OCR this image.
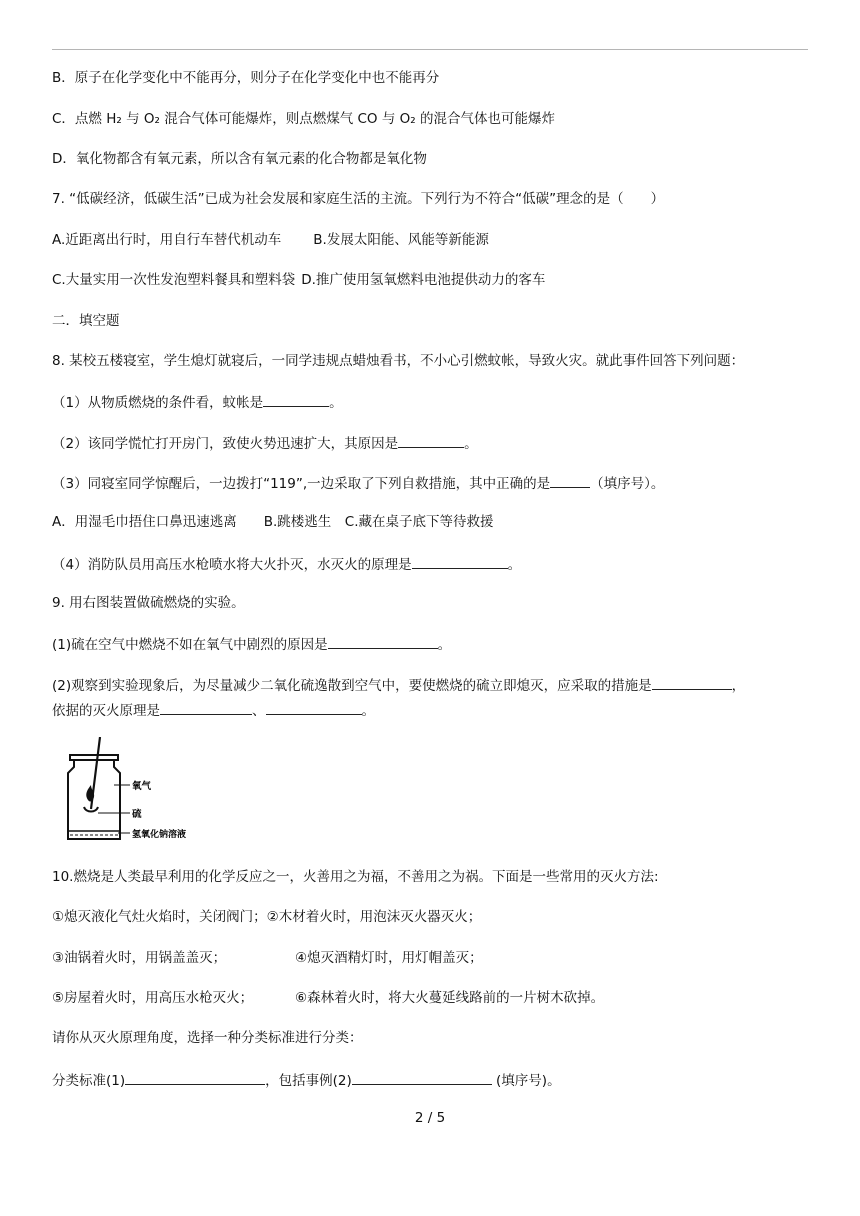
B．原子在化学变化中不能再分，则分子在化学变化中也不能再分
C．点燃 H₂ 与 O₂ 混合气体可能爆炸，则点燃煤气 CO 与 O₂ 的混合气体也可能爆炸
D．氧化物都含有氧元素，所以含有氧元素的化合物都是氧化物
7. “低碳经济，低碳生活”已成为社会发展和家庭生活的主流。下列行为不符合“低碳”理念的是（　　）
A.近距离出行时，用自行车替代机动车 B.发展太阳能、风能等新能源
C.大量实用一次性发泡塑料餐具和塑料袋 D.推广使用氢氧燃料电池提供动力的客车
二．填空题
8. 某校五楼寝室，学生熄灯就寝后，一同学违规点蜡烛看书，不小心引燃蚊帐，导致火灾。就此事件回答下列问题：
（1）从物质燃烧的条件看，蚊帐是	。
（2）该同学慌忙打开房门，致使火势迅速扩大，其原因是	。
（3）同寝室同学惊醒后，一边拨打“119”,一边采取了下列自救措施，其中正确的是	（填序号）。
A．用湿毛巾捂住口鼻迅速逃离　　B.跳楼逃生　C.藏在桌子底下等待救援
（4）消防队员用高压水枪喷水将大火扑灭，水灭火的原理是	。
9. 用右图装置做硫燃烧的实验。
(1)硫在空气中燃烧不如在氧气中剧烈的原因是	。
(2)观察到实验现象后，为尽量减少二氧化硫逸散到空气中，要使燃烧的硫立即熄灭，应采取的措施是	，
依据的灭火原理是	、	。
氧气
硫
氢氧化钠溶液
10.燃烧是人类最早利用的化学反应之一，火善用之为福，不善用之为祸。下面是一些常用的灭火方法:
①熄灭液化气灶火焰时，关闭阀门；②木材着火时，用泡沫灭火器灭火；
③油锅着火时，用锅盖盖灭；	④熄灭酒精灯时，用灯帽盖灭；
⑤房屋着火时，用高压水枪灭火；	⑥森林着火时，将大火蔓延线路前的一片树木砍掉。
请你从灭火原理角度，选择一种分类标准进行分类：
分类标准(1)	，包括事例(2)	(填序号)。
2 / 5
